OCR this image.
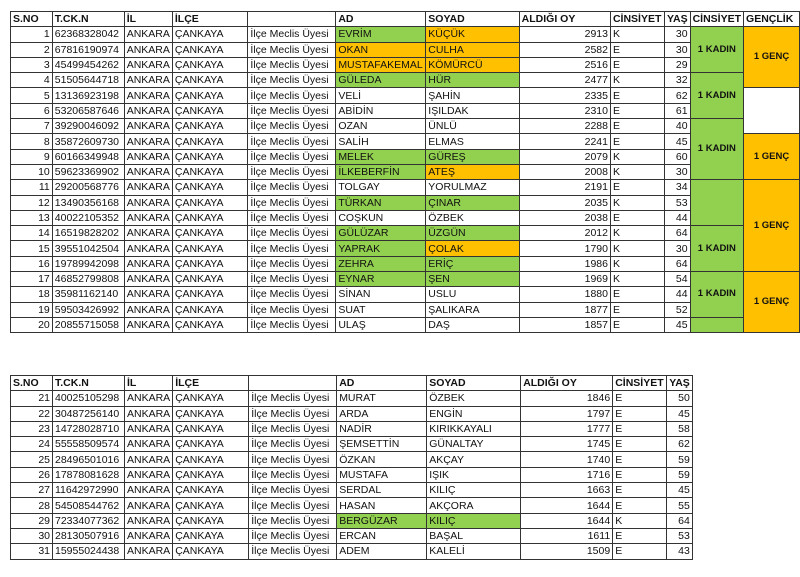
S.NO	T.CK.N	İL	İLÇE		AD	SOYAD	ALDIĞI OY	CİNSİYET	YAŞ	CİNSİYET	GENÇLİK
1	62368328042	ANKARA	ÇANKAYA	İlçe Meclis Üyesi	EVRİM	KÜÇÜK	2913	K	30	1 KADIN	1 GENÇ
2	67816190974	ANKARA	ÇANKAYA	İlçe Meclis Üyesi	OKAN	CULHA	2582	E	30		
3	45499454262	ANKARA	ÇANKAYA	İlçe Meclis Üyesi	MUSTAFAKEMAL	KÖMÜRCÜ	2516	E	29		
4	51505644718	ANKARA	ÇANKAYA	İlçe Meclis Üyesi	GÜLEDA	HÜR	2477	K	32	1 KADIN	
5	13136923198	ANKARA	ÇANKAYA	İlçe Meclis Üyesi	VELİ	ŞAHİN	2335	E	62		
6	53206587646	ANKARA	ÇANKAYA	İlçe Meclis Üyesi	ABİDİN	IŞILDAK	2310	E	61		
7	39290046092	ANKARA	ÇANKAYA	İlçe Meclis Üyesi	OZAN	ÜNLÜ	2288	E	40	1 KADIN	
8	35872609730	ANKARA	ÇANKAYA	İlçe Meclis Üyesi	SALİH	ELMAS	2241	E	45		1 GENÇ
9	60166349948	ANKARA	ÇANKAYA	İlçe Meclis Üyesi	MELEK	GÜREŞ	2079	K	60		
10	59623369902	ANKARA	ÇANKAYA	İlçe Meclis Üyesi	İLKEBERFİN	ATEŞ	2008	K	30		
11	29200568776	ANKARA	ÇANKAYA	İlçe Meclis Üyesi	TOLGAY	YORULMAZ	2191	E	34		1 GENÇ
12	13490356168	ANKARA	ÇANKAYA	İlçe Meclis Üyesi	TÜRKAN	ÇINAR	2035	K	53		
13	40022105352	ANKARA	ÇANKAYA	İlçe Meclis Üyesi	COŞKUN	ÖZBEK	2038	E	44		
14	16519828202	ANKARA	ÇANKAYA	İlçe Meclis Üyesi	GÜLÜZAR	ÜZGÜN	2012	K	64	1 KADIN	
15	39551042504	ANKARA	ÇANKAYA	İlçe Meclis Üyesi	YAPRAK	ÇOLAK	1790	K	30		
16	19789942098	ANKARA	ÇANKAYA	İlçe Meclis Üyesi	ZEHRA	ERİÇ	1986	K	64		
17	46852799808	ANKARA	ÇANKAYA	İlçe Meclis Üyesi	EYNAR	ŞEN	1969	K	54	1 KADIN	1 GENÇ
18	35981162140	ANKARA	ÇANKAYA	İlçe Meclis Üyesi	SİNAN	USLU	1880	E	44		
19	59503426992	ANKARA	ÇANKAYA	İlçe Meclis Üyesi	SUAT	ŞALIKARA	1877	E	52		
20	20855715058	ANKARA	ÇANKAYA	İlçe Meclis Üyesi	ULAŞ	DAŞ	1857	E	45		
S.NO	T.CK.N	İL	İLÇE		AD	SOYAD	ALDIĞI OY	CİNSİYET	YAŞ
21	40025105298	ANKARA	ÇANKAYA	İlçe Meclis Üyesi	MURAT	ÖZBEK	1846	E	50
22	30487256140	ANKARA	ÇANKAYA	İlçe Meclis Üyesi	ARDA	ENGİN	1797	E	45
23	14728028710	ANKARA	ÇANKAYA	İlçe Meclis Üyesi	NADİR	KIRIKKAYALI	1777	E	58
24	55558509574	ANKARA	ÇANKAYA	İlçe Meclis Üyesi	ŞEMSETTİN	GÜNALTAY	1745	E	62
25	28496501016	ANKARA	ÇANKAYA	İlçe Meclis Üyesi	ÖZKAN	AKÇAY	1740	E	59
26	17878081628	ANKARA	ÇANKAYA	İlçe Meclis Üyesi	MUSTAFA	IŞIK	1716	E	59
27	11642972990	ANKARA	ÇANKAYA	İlçe Meclis Üyesi	SERDAL	KILIÇ	1663	E	45
28	54508544762	ANKARA	ÇANKAYA	İlçe Meclis Üyesi	HASAN	AKÇORA	1644	E	55
29	72334077362	ANKARA	ÇANKAYA	İlçe Meclis Üyesi	BERGÜZAR	KILIÇ	1644	K	64
30	28130507916	ANKARA	ÇANKAYA	İlçe Meclis Üyesi	ERCAN	BAŞAL	1611	E	53
31	15955024438	ANKARA	ÇANKAYA	İlçe Meclis Üyesi	ADEM	KALELİ	1509	E	43
